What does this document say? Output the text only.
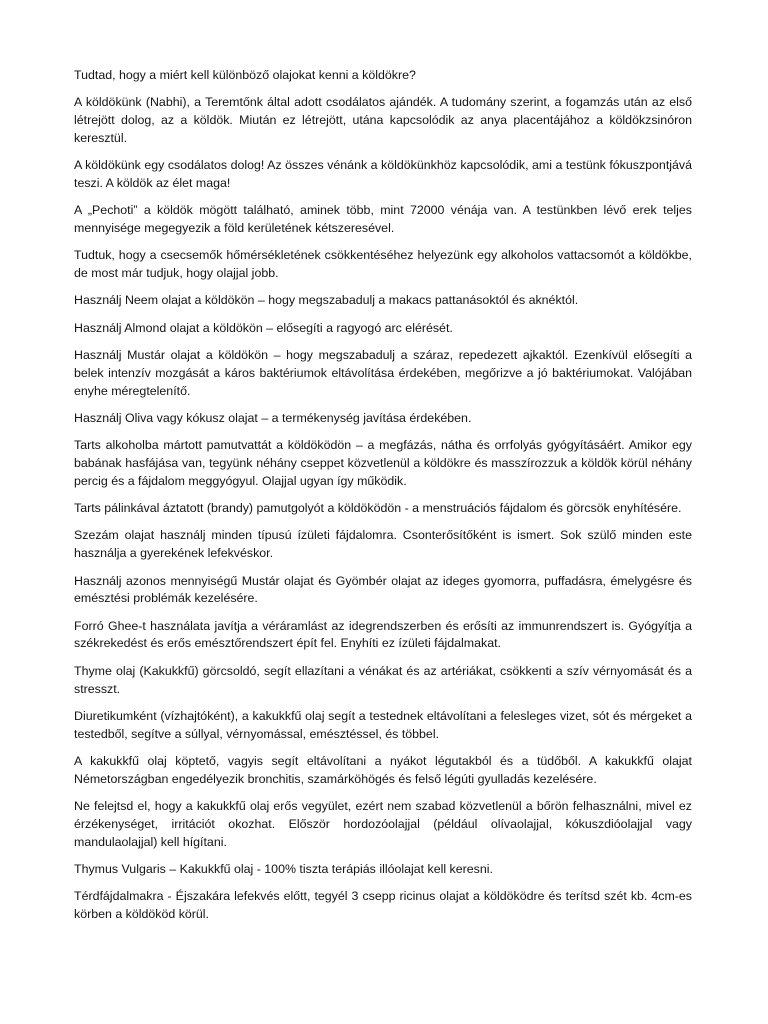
Tudtad, hogy a miért kell különböző olajokat kenni a köldökre?

A köldökünk (Nabhi), a Teremtőnk által adott csodálatos ajándék. A tudomány szerint, a fogamzás után az első létrejött dolog, az a köldök. Miután ez létrejött, utána kapcsolódik az anya placentájához a köldökzsinóron keresztül.

A köldökünk egy csodálatos dolog! Az összes vénánk a köldökünkhöz kapcsolódik, ami a testünk fókuszpontjává teszi. A köldök az élet maga!

A „Pechoti” a köldök mögött található, aminek több, mint 72000 vénája van. A testünkben lévő erek teljes mennyisége megegyezik a föld kerületének kétszeresével.

Tudtuk, hogy a csecsemők hőmérsékletének csökkentéséhez helyezünk egy alkoholos vattacsomót a köldökbe, de most már tudjuk, hogy olajjal jobb.

Használj Neem olajat a köldökön – hogy megszabadulj a makacs pattanásoktól és aknéktól.

Használj Almond olajat a köldökön – elősegíti a ragyogó arc elérését.

Használj Mustár olajat a köldökön – hogy megszabadulj a száraz, repedezett ajkaktól. Ezenkívül elősegíti a belek intenzív mozgását a káros baktériumok eltávolítása érdekében, megőrizve a jó baktériumokat. Valójában enyhe méregtelenítő.

Használj Oliva vagy kókusz olajat – a termékenység javítása érdekében.

Tarts alkoholba mártott pamutvattát a köldöködön – a megfázás, nátha és orrfolyás gyógyításáért. Amikor egy babának hasfájása van, tegyünk néhány cseppet közvetlenül a köldökre és masszírozzuk a köldök körül néhány percig és a fájdalom meggyógyul. Olajjal ugyan így működik.

Tarts pálinkával áztatott (brandy) pamutgolyót a köldöködön - a menstruációs fájdalom és görcsök enyhítésére.

Szezám olajat használj minden típusú ízületi fájdalomra. Csonterősítőként is ismert. Sok szülő minden este használja a gyerekének lefekvéskor.

Használj azonos mennyiségű Mustár olajat és Gyömbér olajat az ideges gyomorra, puffadásra, émelygésre és emésztési problémák kezelésére.

Forró Ghee-t használata javítja a véráramlást az idegrendszerben és erősíti az immunrendszert is. Gyógyítja a székrekedést és erős emésztőrendszert épít fel. Enyhíti ez ízületi fájdalmakat.

Thyme olaj (Kakukkfű) görcsoldó, segít ellazítani a vénákat és az artériákat, csökkenti a szív vérnyomását és a stresszt.

Diuretikumként (vízhajtóként), a kakukkfű olaj segít a testednek eltávolítani a felesleges vizet, sót és mérgeket a testedből, segítve a súllyal, vérnyomással, emésztéssel, és többel.

A kakukkfű olaj köptető, vagyis segít eltávolítani a nyákot légutakból és a tüdőből. A kakukkfű olajat Németországban engedélyezik bronchitis, szamárköhögés és felső légúti gyulladás kezelésére.

Ne felejtsd el, hogy a kakukkfű olaj erős vegyület, ezért nem szabad közvetlenül a bőrön felhasználni, mivel ez érzékenységet, irritációt okozhat. Először hordozóolajjal (például olívaolajjal, kókuszdióolajjal vagy mandulaolajjal) kell hígítani.

Thymus Vulgaris – Kakukkfű olaj - 100% tiszta terápiás illóolajat kell keresni.

Térdfájdalmakra - Éjszakára lefekvés előtt, tegyél 3 csepp ricinus olajat a köldöködre és terítsd szét kb. 4cm-es körben a köldököd körül.
